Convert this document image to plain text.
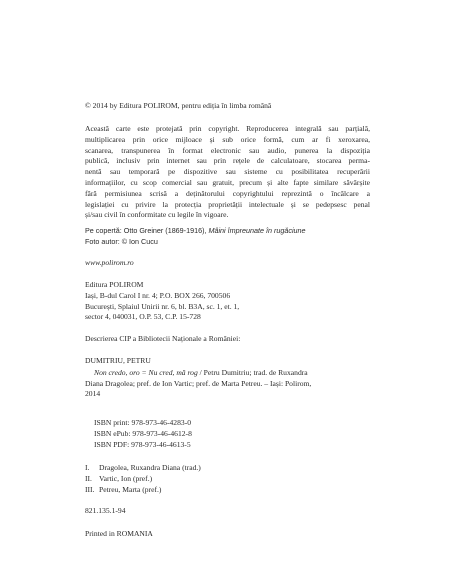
© 2014 by Editura POLIROM, pentru ediția în limba română
Această carte este protejată prin copyright. Reproducerea integrală sau parțială,
multiplicarea prin orice mijloace și sub orice formă, cum ar fi xeroxarea,
scanarea, transpunerea în format electronic sau audio, punerea la dispoziția
publică, inclusiv prin internet sau prin rețele de calculatoare, stocarea perma-
nentă sau temporară pe dispozitive sau sisteme cu posibilitatea recuperării
informațiilor, cu scop comercial sau gratuit, precum și alte fapte similare săvârșite
fără permisiunea scrisă a deținătorului copyrightului reprezintă o încălcare a
legislației cu privire la protecția proprietății intelectuale și se pedepsesc penal
și/sau civil în conformitate cu legile în vigoare.
Pe copertă: Otto Greiner (1869-1916), Mâini împreunate în rugăciune
Foto autor: © Ion Cucu
www.polirom.ro
Editura POLIROM
Iași, B-dul Carol I nr. 4; P.O. BOX 266, 700506
București, Splaiul Unirii nr. 6, bl. B3A, sc. 1, et. 1,
sector 4, 040031, O.P. 53, C.P. 15-728
Descrierea CIP a Bibliotecii Naționale a României:
DUMITRIU, PETRU
Non credo, oro = Nu cred, mă rog / Petru Dumitriu; trad. de Ruxandra
Diana Dragolea; pref. de Ion Vartic; pref. de Marta Petreu. – Iași: Polirom,
2014
ISBN print: 978-973-46-4283-0
ISBN ePub: 978-973-46-4612-8
ISBN PDF: 978-973-46-4613-5
I.	Dragolea, Ruxandra Diana (trad.)
II. Vartic, Ion (pref.)
III. Petreu, Marta (pref.)
821.135.1-94
Printed in ROMANIA
